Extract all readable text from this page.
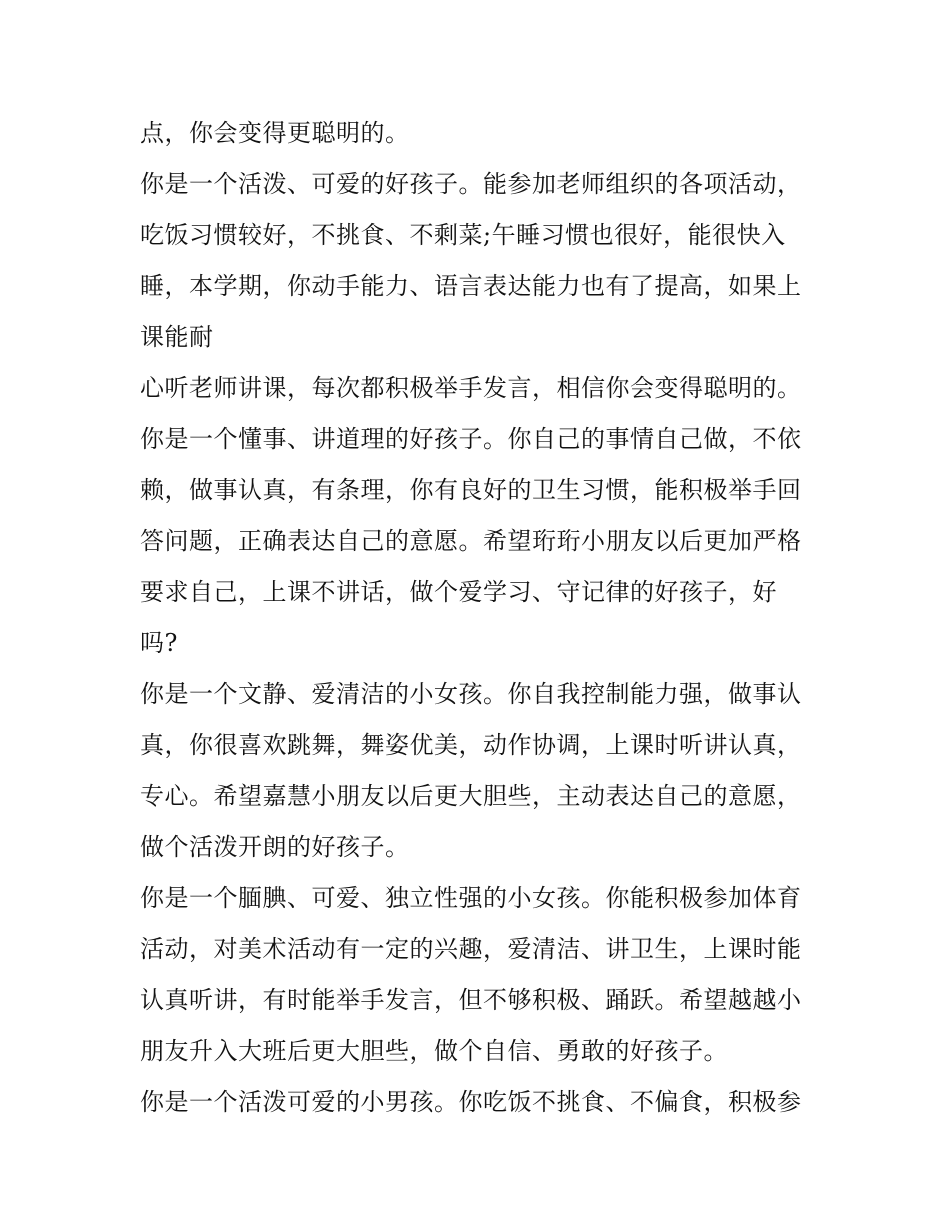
点，你会变得更聪明的。
你是一个活泼、可爱的好孩子。能参加老师组织的各项活动，
吃饭习惯较好，不挑食、不剩菜;午睡习惯也很好，能很快入
睡，本学期，你动手能力、语言表达能力也有了提高，如果上
课能耐
心听老师讲课，每次都积极举手发言，相信你会变得聪明的。
你是一个懂事、讲道理的好孩子。你自己的事情自己做，不依
赖，做事认真，有条理，你有良好的卫生习惯，能积极举手回
答问题，正确表达自己的意愿。希望珩珩小朋友以后更加严格
要求自己，上课不讲话，做个爱学习、守记律的好孩子，好
吗?
你是一个文静、爱清洁的小女孩。你自我控制能力强，做事认
真，你很喜欢跳舞，舞姿优美，动作协调，上课时听讲认真，
专心。希望嘉慧小朋友以后更大胆些，主动表达自己的意愿，
做个活泼开朗的好孩子。
你是一个腼腆、可爱、独立性强的小女孩。你能积极参加体育
活动，对美术活动有一定的兴趣，爱清洁、讲卫生，上课时能
认真听讲，有时能举手发言，但不够积极、踊跃。希望越越小
朋友升入大班后更大胆些，做个自信、勇敢的好孩子。
你是一个活泼可爱的小男孩。你吃饭不挑食、不偏食，积极参
